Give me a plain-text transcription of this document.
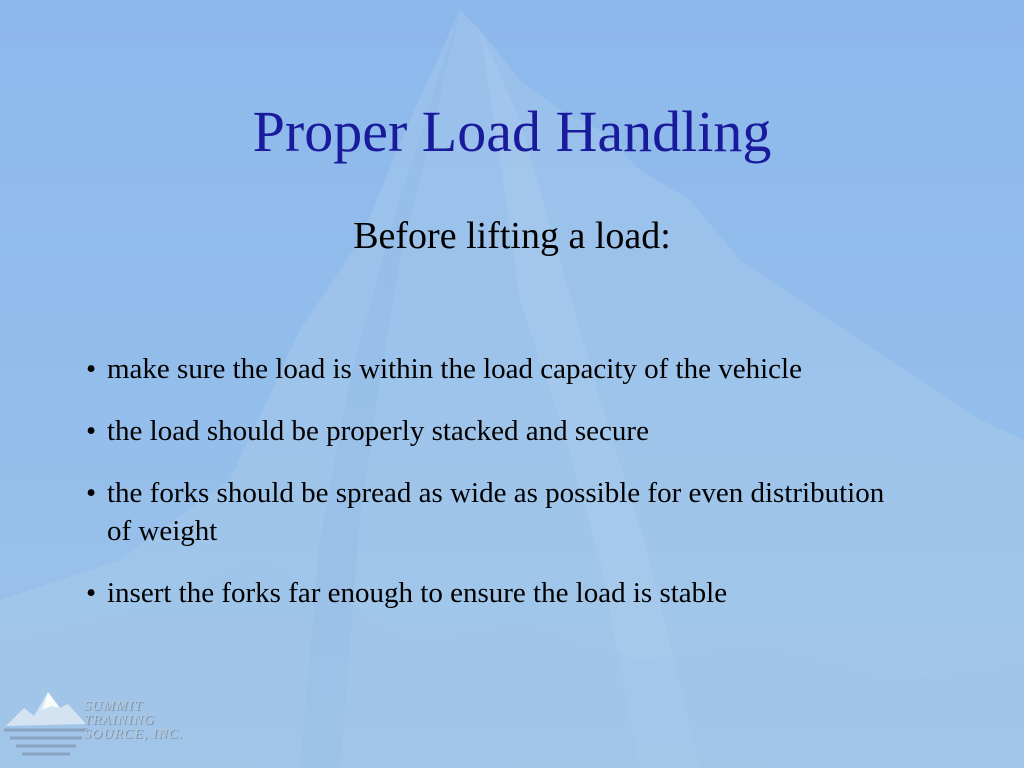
Proper Load Handling
Before lifting a load:
• make sure the load is within the load capacity of the vehicle
• the load should be properly stacked and secure
• the forks should be spread as wide as possible for even distribution of weight
• insert the forks far enough to ensure the load is stable
SUMMIT
TRAINING
SOURCE, INC.
